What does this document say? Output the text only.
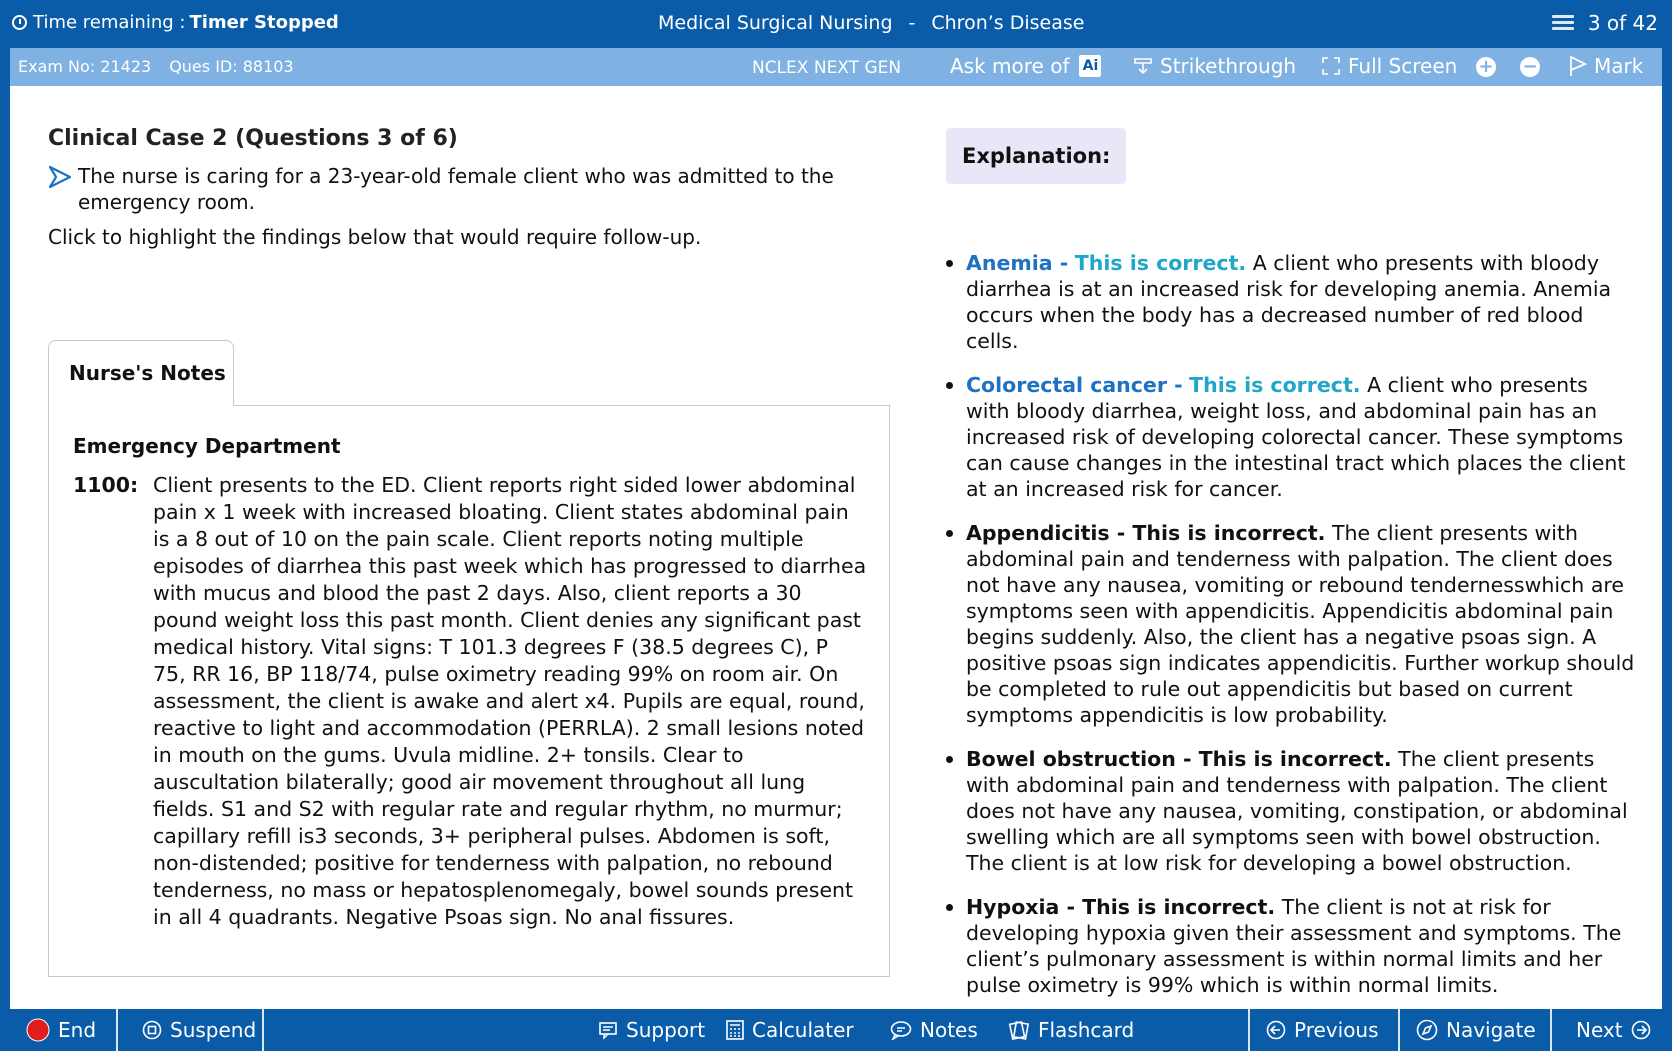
Time remaining : Timer Stopped	Medical Surgical Nursing - Chron’s Disease	3 of 42
Exam No: 21423 Ques ID: 88103	NCLEX NEXT GEN Ask more of Ai	Strikethrough	Full Screen + −	Mark
Clinical Case 2 (Questions 3 of 6)
The nurse is caring for a 23-year-old female client who was admitted to the emergency room.
Click to highlight the findings below that would require follow-up.
Nurse's Notes
Emergency Department
1100: Client presents to the ED. Client reports right sided lower abdominal pain x 1 week with increased bloating. Client states abdominal pain is a 8 out of 10 on the pain scale. Client reports noting multiple episodes of diarrhea this past week which has progressed to diarrhea with mucus and blood the past 2 days. Also, client reports a 30 pound weight loss this past month. Client denies any significant past medical history. Vital signs: T 101.3 degrees F (38.5 degrees C), P 75, RR 16, BP 118/74, pulse oximetry reading 99% on room air. On assessment, the client is awake and alert x4. Pupils are equal, round, reactive to light and accommodation (PERRLA). 2 small lesions noted in mouth on the gums. Uvula midline. 2+ tonsils. Clear to auscultation bilaterally; good air movement throughout all lung fields. S1 and S2 with regular rate and regular rhythm, no murmur; capillary refill is3 seconds, 3+ peripheral pulses. Abdomen is soft, non-distended; positive for tenderness with palpation, no rebound tenderness, no mass or hepatosplenomegaly, bowel sounds present in all 4 quadrants. Negative Psoas sign. No anal fissures.
Explanation:
Anemia - This is correct. A client who presents with bloody diarrhea is at an increased risk for developing anemia. Anemia occurs when the body has a decreased number of red blood cells.
Colorectal cancer - This is correct. A client who presents with bloody diarrhea, weight loss, and abdominal pain has an increased risk of developing colorectal cancer. These symptoms can cause changes in the intestinal tract which places the client at an increased risk for cancer.
Appendicitis - This is incorrect. The client presents with abdominal pain and tenderness with palpation. The client does not have any nausea, vomiting or rebound tendernesswhich are symptoms seen with appendicitis. Appendicitis abdominal pain begins suddenly. Also, the client has a negative psoas sign. A positive psoas sign indicates appendicitis. Further workup should be completed to rule out appendicitis but based on current symptoms appendicitis is low probability.
Bowel obstruction - This is incorrect. The client presents with abdominal pain and tenderness with palpation. The client does not have any nausea, vomiting, constipation, or abdominal swelling which are all symptoms seen with bowel obstruction. The client is at low risk for developing a bowel obstruction.
Hypoxia - This is incorrect. The client is not at risk for developing hypoxia given their assessment and symptoms. The client’s pulmonary assessment is within normal limits and her pulse oximetry is 99% which is within normal limits.
End	Suspend	Support Calculater	Notes	Flashcard	Previous	Navigate Next
